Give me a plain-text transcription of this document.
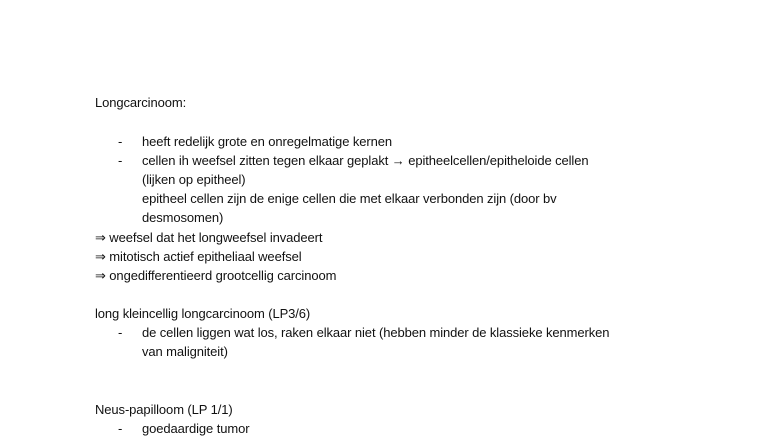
Longcarcinoom:
- heeft redelijk grote en onregelmatige kernen
- cellen ih weefsel zitten tegen elkaar geplakt → epitheelcellen/epitheloide cellen
(lijken op epitheel)
epitheel cellen zijn de enige cellen die met elkaar verbonden zijn (door bv
desmosomen)
⇒ weefsel dat het longweefsel invadeert
⇒ mitotisch actief epitheliaal weefsel
⇒ ongedifferentieerd grootcellig carcinoom
long kleincellig longcarcinoom (LP3/6)
- de cellen liggen wat los, raken elkaar niet (hebben minder de klassieke kenmerken
van maligniteit)
Neus-papilloom (LP 1/1)
- goedaardige tumor
